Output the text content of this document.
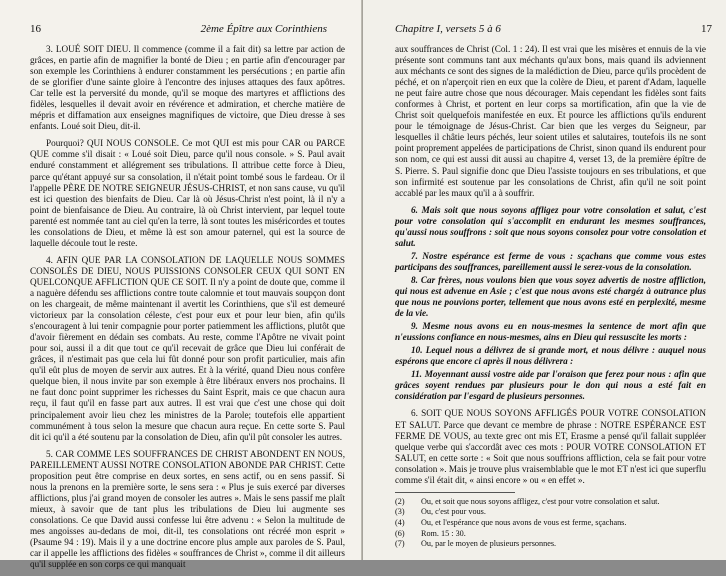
16	2ème Épître aux Corinthiens

3. LOUÉ SOIT DIEU. Il commence (comme il a fait dit) sa lettre par action de grâces, en partie afin de magnifier la bonté de Dieu ; en partie afin d'encourager par son exemple les Corinthiens à endurer constamment les persécutions ; en partie afin de se glorifier d'une sainte gloire à l'encontre des injuses attaques des faux apôtres. Car telle est la perversité du monde, qu'il se moque des martyres et afflictions des fidèles, lesquelles il devait avoir en révérence et admiration, et cherche matière de mépris et diffamation aux enseignes magnifiques de victoire, que Dieu dresse à ses enfants. Loué soit Dieu, dit-il.

Pourquoi? QUI NOUS CONSOLE. Ce mot QUI est mis pour CAR ou PARCE QUE comme s'il disait : « Loué soit Dieu, parce qu'il nous console. » S. Paul avait enduré constamment et allégrement ses tribulations. Il attribue cette force à Dieu, parce qu'étant appuyé sur sa consolation, il n'était point tombé sous le fardeau. Or il l'appelle PÈRE DE NOTRE SEIGNEUR JÉSUS-CHRIST, et non sans cause, vu qu'il est ici question des bienfaits de Dieu. Car là où Jésus-Christ n'est point, là il n'y a point de bienfaisance de Dieu. Au contraire, là où Christ intervient, par lequel toute parenté est nommée tant au ciel qu'en la terre, là sont toutes les miséricordes et toutes les consolations de Dieu, et même là est son amour paternel, qui est la source de laquelle découle tout le reste.

4. AFIN QUE PAR LA CONSOLATION DE LAQUELLE NOUS SOMMES CONSOLÉS DE DIEU, NOUS PUISSIONS CONSOLER CEUX QUI SONT EN QUELCONQUE AFFLICTION QUE CE SOIT. Il n'y a point de doute que, comme il a naguère défendu ses afflictions contre toute calomnie et tout mauvais soupçon dont on les chargeait, de même maintenant il avertit les Corinthiens, que s'il est demeuré victorieux par la consolation céleste, c'est pour eux et pour leur bien, afin qu'ils s'encouragent à lui tenir compagnie pour porter patiemment les afflictions, plutôt que d'avoir fièrement en dédain ses combats. Au reste, comme l'Apôtre ne vivait point pour soi, aussi il a dit que tout ce qu'il recevait de grâce que Dieu lui conférait de grâces, il n'estimait pas que cela lui fût donné pour son profit particulier, mais afin qu'il eût plus de moyen de servir aux autres. Et à la vérité, quand Dieu nous confère quelque bien, il nous invite par son exemple à être libéraux envers nos prochains. Il ne faut donc point supprimer les richesses du Saint Esprit, mais ce que chacun aura reçu, il faut qu'il en fasse part aux autres. Il est vrai que c'est une chose qui doit principalement avoir lieu chez les ministres de la Parole; toutefois elle appartient communément à tous selon la mesure que chacun aura reçue. En cette sorte S. Paul dit ici qu'il a été soutenu par la consolation de Dieu, afin qu'il pût consoler les autres.

5. CAR COMME LES SOUFFRANCES DE CHRIST ABONDENT EN NOUS, PAREILLEMENT AUSSI NOTRE CONSOLATION ABONDE PAR CHRIST. Cette proposition peut être comprise en deux sortes, en sens actif, ou en sens passif. Si nous la prenons en la première sorte, le sens sera : « Plus je suis exercé par diverses afflictions, plus j'ai grand moyen de consoler les autres ». Mais le sens passif me plaît mieux, à savoir que de tant plus les tribulations de Dieu lui augmente ses consolations. Ce que David aussi confesse lui être advenu : « Selon la multitude de mes angoisses au-dedans de moi, dit-il, tes consolations ont récréé mon esprit » (Psaume 94 : 19). Mais il y a une doctrine encore plus ample aux paroles de S. Paul, car il appelle les afflictions des fidèles « souffrances de Christ », comme il dit ailleurs qu'il supplée en son corps ce qui manquait

Chapitre I, versets 5 à 6	17

aux souffrances de Christ (Col. 1 : 24). Il est vrai que les misères et ennuis de la vie présente sont communs tant aux méchants qu'aux bons, mais quand ils adviennent aux méchants ce sont des signes de la malédiction de Dieu, parce qu'ils procèdent de péché, et on n'aperçoit rien en eux que la colère de Dieu, et parent d'Adam, laquelle ne peut faire autre chose que nous décourager. Mais cependant les fidèles sont faits conformes à Christ, et portent en leur corps sa mortification, afin que la vie de Christ soit quelquefois manifestée en eux. Et pource les afflictions qu'ils endurent pour le témoignage de Jésus-Christ. Car bien que les verges du Seigneur, par lesquelles il châtie leurs péchés, leur soient utiles et salutaires, toutefois ils ne sont point proprement appelées de participations de Christ, sinon quand ils endurent pour son nom, ce qui est aussi dit aussi au chapitre 4, verset 13, de la première épître de S. Pierre. S. Paul signifie donc que Dieu l'assiste toujours en ses tribulations, et que son infirmité est soutenue par les consolations de Christ, afin qu'il ne soit point accablé par les maux qu'il a à souffrir.

6. Mais soit que nous soyons affligez pour votre consolation et salut, c'est pour votre consolation qui s'accomplit en endurant les mesmes souffrances, qu'aussi nous souffrons : soit que nous soyons consolez pour votre consolation et salut.

7. Nostre espérance est ferme de vous : sçachans que comme vous estes participans des souffrances, pareillement aussi le serez-vous de la consolation.

8. Car frères, nous voulons bien que vous soyez advertis de nostre affliction, qui nous est advenue en Asie ; c'est que nous avons esté chargéz à outrance plus que nous ne pouvions porter, tellement que nous avons esté en perplexité, mesme de la vie.

9. Mesme nous avons eu en nous-mesmes la sentence de mort afin que n'eussions confiance en nous-mesmes, ains en Dieu qui ressuscite les morts :

10. Lequel nous a délivrez de si grande mort, et nous délivre : auquel nous espérons que encore ci après il nous délivrera :

11. Moyennant aussi vostre aide par l'oraison que ferez pour nous : afin que grâces soyent rendues par plusieurs pour le don qui nous a esté fait en considération par l'esgard de plusieurs personnes.

6. SOIT QUE NOUS SOYONS AFFLIGÉS POUR VOTRE CONSOLATION ET SALUT. Parce que devant ce membre de phrase : NOTRE ESPÉRANCE EST FERME DE VOUS, au texte grec ont mis ET, Erasme a pensé qu'il fallait suppléer quelque verbe qui s'accordât avec ces mots : POUR VOTRE CONSOLATION ET SALUT, en cette sorte : « Soit que nous souffrions affliction, cela se fait pour votre consolation ». Mais je trouve plus vraisemblable que le mot ET n'est ici que superflu comme s'il était dit, « ainsi encore » ou « en effet ».

(2) Ou, et soit que nous soyons affligez, c'est pour votre consolation et salut.
(3) Ou, c'est pour vous.
(4) Ou, et l'espérance que nous avons de vous est ferme, sçachans.
(6) Rom. 15 : 30.
(7) Ou, par le moyen de plusieurs personnes.
